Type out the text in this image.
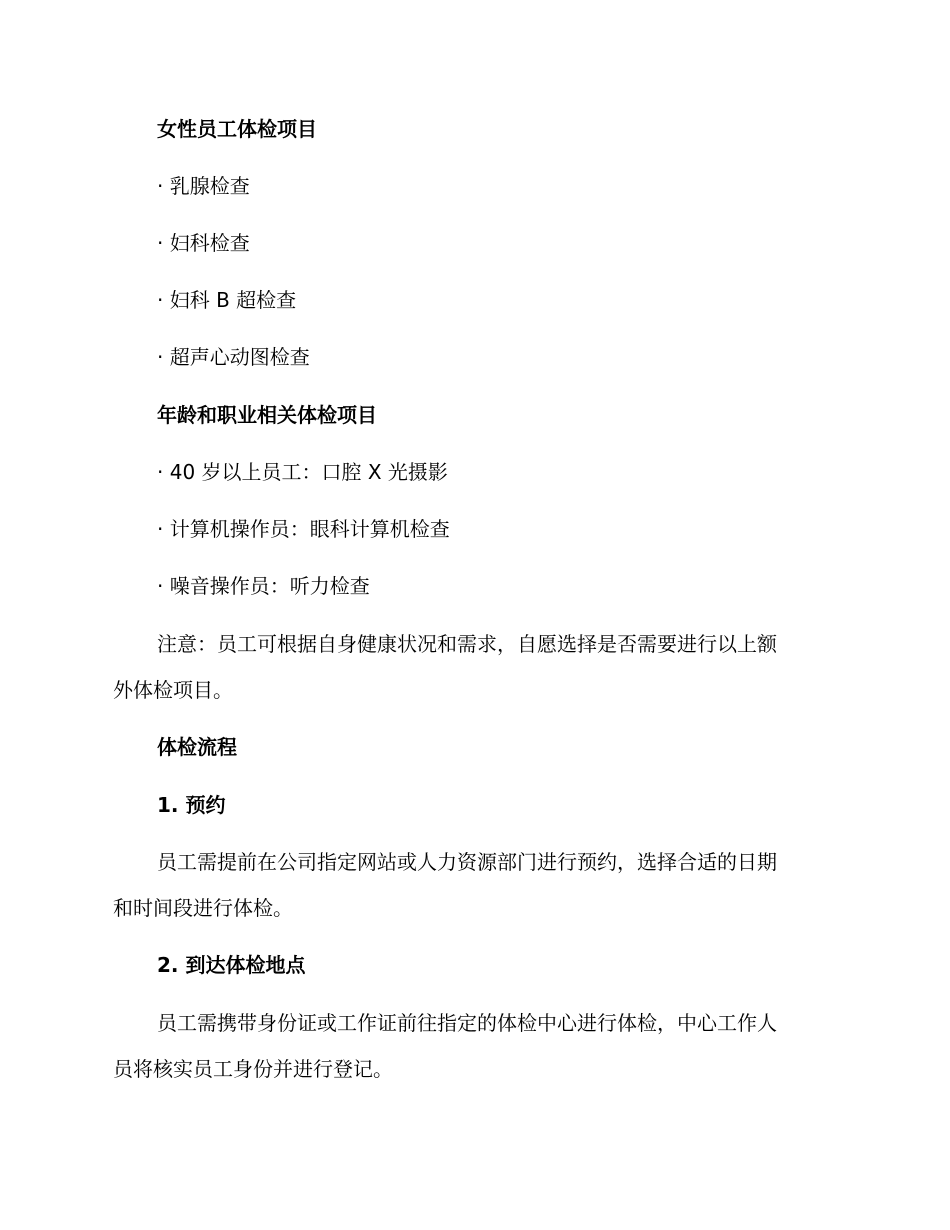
女性员工体检项目
· 乳腺检查
· 妇科检查
· 妇科 B 超检查
· 超声心动图检查
年龄和职业相关体检项目
· 40 岁以上员工：口腔 X 光摄影
· 计算机操作员：眼科计算机检查
· 噪音操作员：听力检查
注意：员工可根据自身健康状况和需求，自愿选择是否需要进行以上额
外体检项目。
体检流程
1. 预约
员工需提前在公司指定网站或人力资源部门进行预约，选择合适的日期
和时间段进行体检。
2. 到达体检地点
员工需携带身份证或工作证前往指定的体检中心进行体检，中心工作人
员将核实员工身份并进行登记。
